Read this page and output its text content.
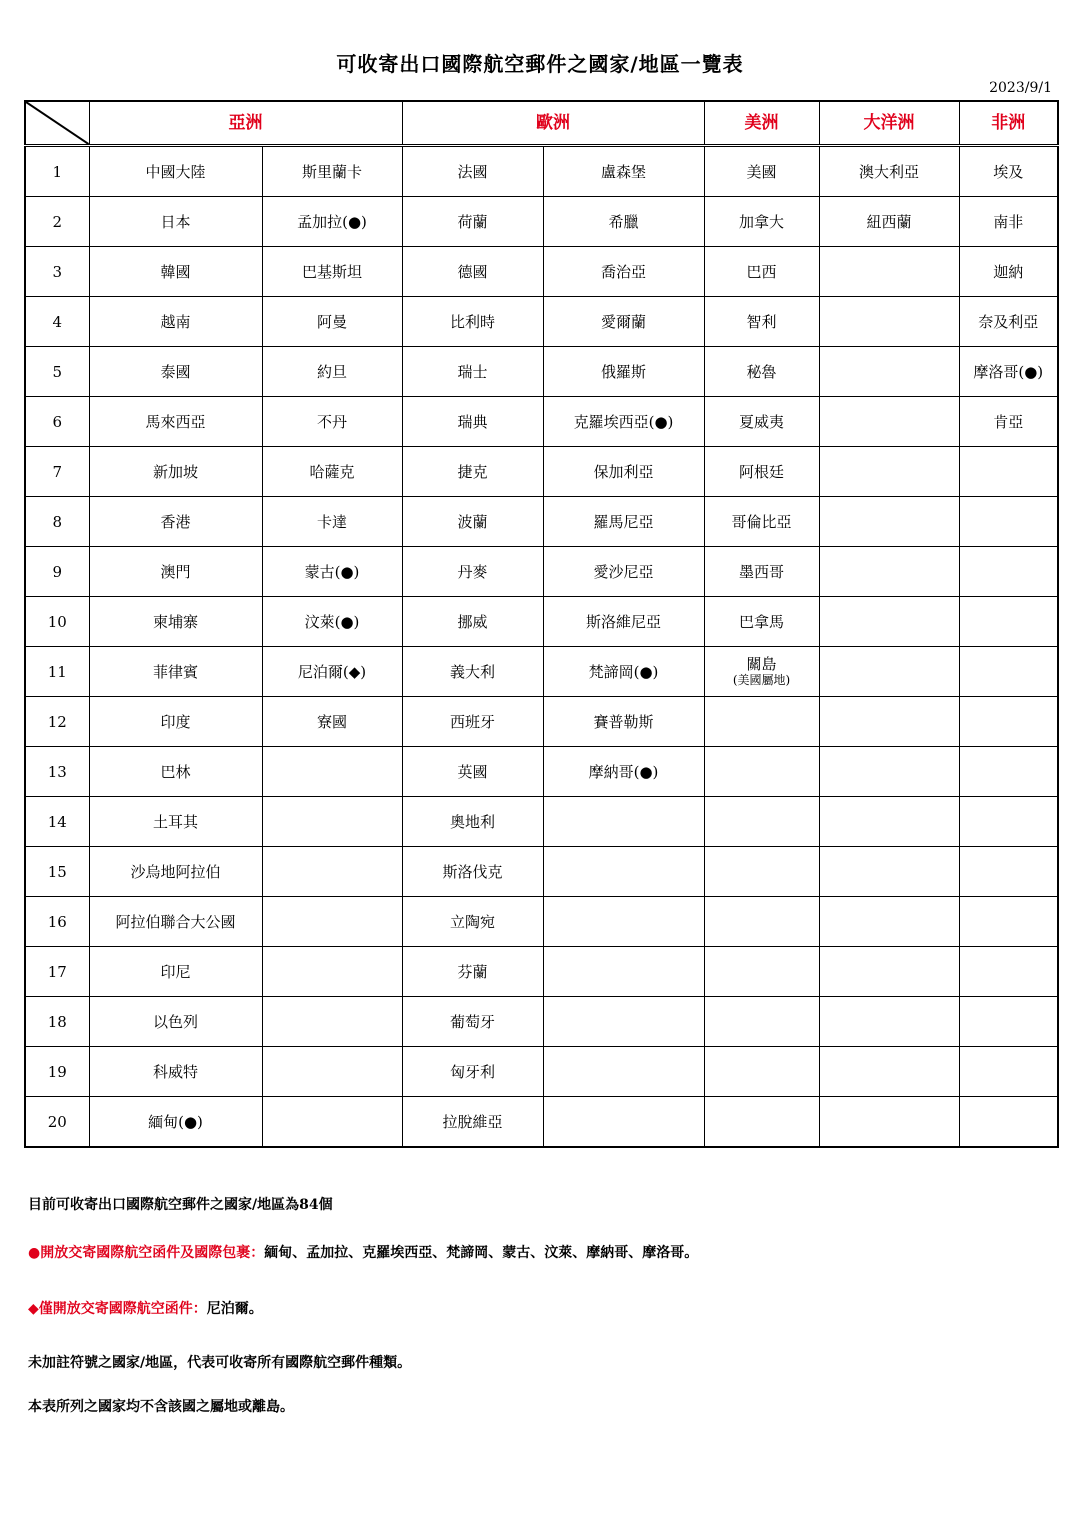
可收寄出口國際航空郵件之國家/地區一覽表
2023/9/1
	亞洲		歐洲		美洲	大洋洲	非洲
1	中國大陸	斯里蘭卡	法國	盧森堡	美國	澳大利亞	埃及
2	日本	孟加拉(●)	荷蘭	希臘	加拿大	紐西蘭	南非
3	韓國	巴基斯坦	德國	喬治亞	巴西		迦納
4	越南	阿曼	比利時	愛爾蘭	智利		奈及利亞
5	泰國	約旦	瑞士	俄羅斯	秘魯		摩洛哥(●)
6	馬來西亞	不丹	瑞典	克羅埃西亞(●)	夏威夷		肯亞
7	新加坡	哈薩克	捷克	保加利亞	阿根廷		
8	香港	卡達	波蘭	羅馬尼亞	哥倫比亞		
9	澳門	蒙古(●)	丹麥	愛沙尼亞	墨西哥		
10	柬埔寨	汶萊(●)	挪威	斯洛維尼亞	巴拿馬		
11	菲律賓	尼泊爾(◆)	義大利	梵諦岡(●)	關島
(美國屬地)		

12	印度	寮國	西班牙	賽普勒斯			
13	巴林		英國	摩納哥(●)			
14	土耳其		奧地利				
15	沙烏地阿拉伯		斯洛伐克				
16	阿拉伯聯合大公國		立陶宛				
17	印尼		芬蘭				
18	以色列		葡萄牙				
19	科威特		匈牙利				
20	緬甸(●)		拉脫維亞				

目前可收寄出口國際航空郵件之國家/地區為84個

●開放交寄國際航空函件及國際包裹：緬甸、孟加拉、克羅埃西亞、梵諦岡、蒙古、汶萊、摩納哥、摩洛哥。

◆僅開放交寄國際航空函件：尼泊爾。

未加註符號之國家/地區，代表可收寄所有國際航空郵件種類。

本表所列之國家均不含該國之屬地或離島。
